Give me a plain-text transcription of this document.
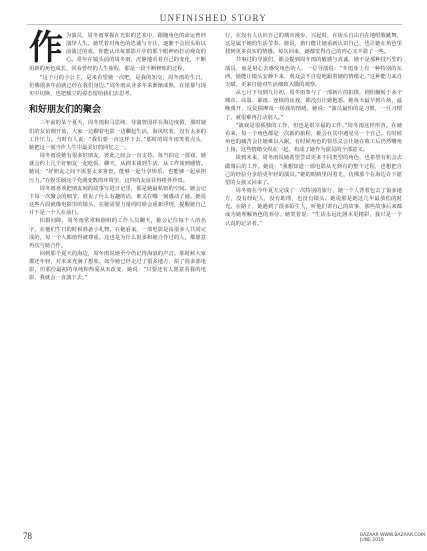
UNFINISHED STORY
作 为演员，周冬雨掌握在光影的艺术中，跟随角色的命运曾经演绎人生。她凭着对角色的忠诚与专注，逐渐不会因头衔以前演过的戏，你能认出每部影片中的那个眼神而打动观众的心。常年在镜头前的周冬雨，沉静地看着自己的变化，不断用新的角色成长，回看曾经的人生旅程，那是一段不断修炼的过程。

“这个月的小公主，是来看望她一次吧，是我的知交，周冬雨的生日，仿佛很多年前就已经在我们身边。”周冬雨从业多年来渐渐成熟，在银幕与现实中切换，也把独立的姿态留给我们去思考。

和好朋友们的聚会

三年前的某个夏天，周冬雨和马思纯、导演曾国祥在海边度假，那时她们的友谊刚开始，大家一边聊着电影一边聊起生活，海风吹着，没有太多的工作压力。当时有人说：“我们要一直这样下去。”那时的周冬雨笑着点头，她把这一刻当作人生中最美好的回忆之一。

周冬雨说她有很多好朋友，彼此之间会一直支持。每当拍完一部戏，她就会约上几个好朋友一起吃饭、聊天，从剧本谈到生活，从工作谈到感情。她说：“好朋友之间不需要太多客套，能够一起分享快乐，也能够一起承担压力。”在娱乐圈这个充满变数的环境里，这样的友谊显得格外珍贵。

周冬雨喜欢把朋友间的故事写进日记里，那是她最私密的空间。她会记下每一次聚会的细节，谁说了什么有趣的话，谁又在哪一刻感动了她。她说这些片段就像电影里的镜头，在她需要力量的时候会重新浮现，提醒她自己并不是一个人在前行。

拍摄间隙，周冬雨常常和剧组的工作人员聊天，她会记住每个人的名字，在他们生日的时候准备小礼物。在她看来，一部电影是由很多人共同完成的，每一个人都值得被尊重。这也是为什么很多和她合作过的人，都愿意再次与她合作。

回到那个夏天的海边，周冬雨说她至今仍记得海浪的声音。那时候大家都还年轻，对未来充满了想象。如今她已经走过了很多地方，拍了很多部电影，但那份最初的单纯和热爱从未改变。她说：“只要还有人愿意看我的电影，我就会一直演下去。”

行，在没有人认识自己的城市漫步，兴起时，在街头自由自在地唱歌跳舞，这是属于她的生活节奏。她说，旅行能让她重新认识自己，也让她在角色里找到更多真实的情感。每次回来，她都觉得自己的内心又丰盈了一些。

共事过的导演们，都会提到周冬雨的敏感与真诚。她不是那种技巧型的演员，而是用心去感受角色的人。一位导演说：“冬雨身上有一种特别的东西，她能让镜头安静下来，观众会不自觉地跟着她的情绪走。”这种能力来自天赋，更来自她对生活细致入微的观察。

从七月下旬到九月初，周冬雨参与了一部新片的拍摄，剧组辗转于多个城市。高温、暴雨、连续的夜戏，都没有让她抱怨。她每天最早到片场，最晚离开，反复揣摩每一场戏的情绪。她说：“演员最怕的是习惯，一旦习惯了，就很难再打动别人。”

“演戏是很孤独的工作，但也是很幸福的工作。”周冬雨这样形容。在她看来，每一个角色都是一次新的旅程，她会在其中遇见另一个自己。有时候角色的痛苦会让她难以入眠，有时候角色的快乐又会让她在收工后仍然嘴角上扬。这些情绪交织在一起，构成了她作为演员的全部意义。

谈到未来，周冬雨说她希望尝试更多不同类型的角色，也希望有机会去做幕后的工作。她说：“我想知道一部电影从无到有的整个过程，也想把自己的经验分享给更年轻的演员。”她的眼睛里闪着光，仿佛那个在海边许下愿望的女孩又回来了。

周冬雨在今年夏天完成了一次特别的旅行，她一个人背着包去了很多地方，没有经纪人，没有助理，也没有镜头。她说那是她这几年最放松的时光。在路上，她遇到了很多陌生人，听他们讲自己的故事，那些故事后来都成为她理解角色的养分。她笑着说：“生活永远比剧本更精彩，我只是一个认真的记录者。”

78	BAZAAR WWW.BAZAAR.COM JUNE 2019
